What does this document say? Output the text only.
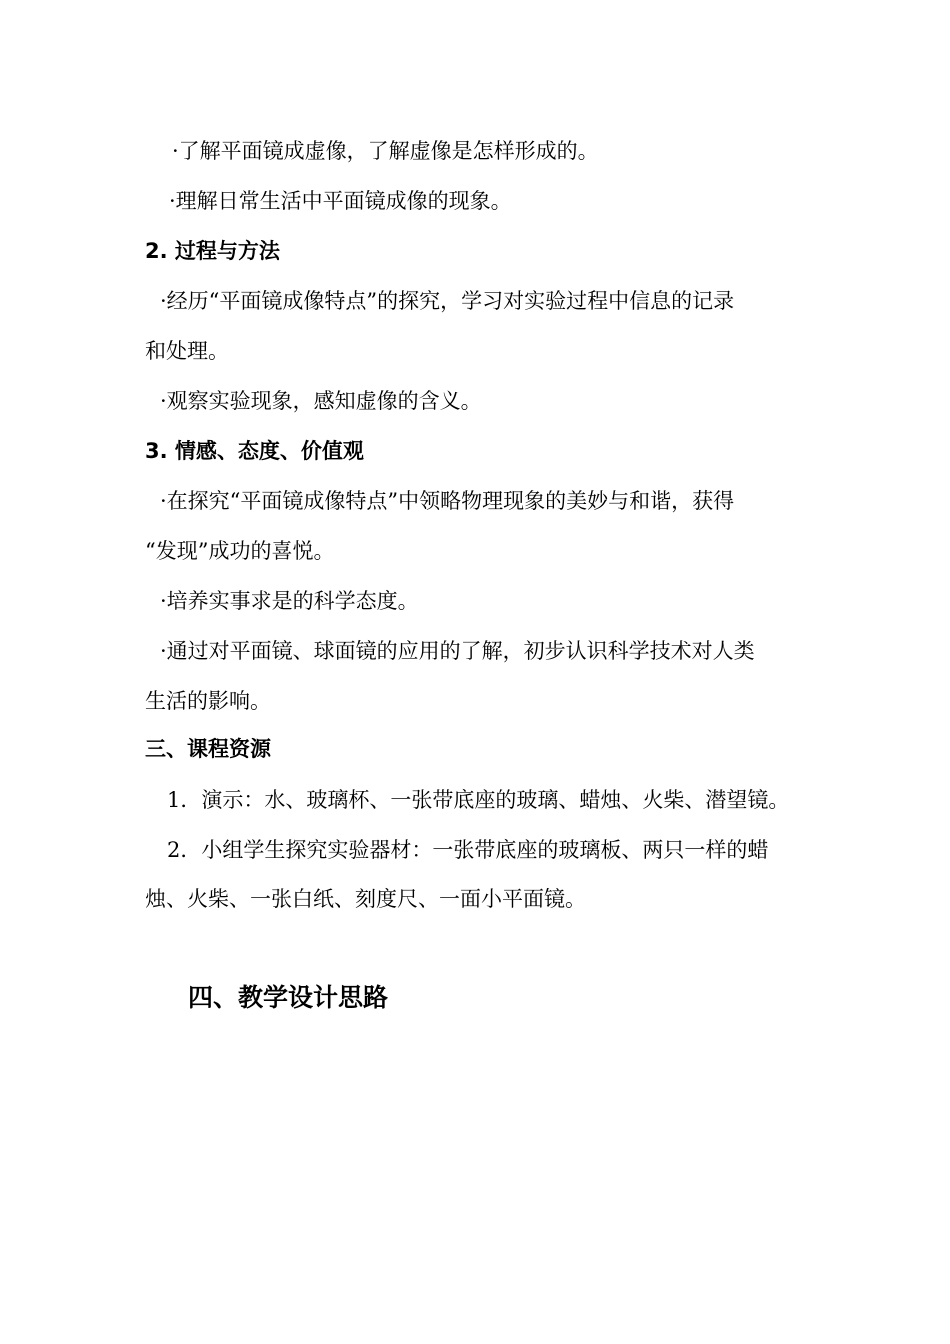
·了解平面镜成虚像，了解虚像是怎样形成的。
·理解日常生活中平面镜成像的现象。
2. 过程与方法
·经历“平面镜成像特点”的探究，学习对实验过程中信息的记录
和处理。
·观察实验现象，感知虚像的含义。
3. 情感、态度、价值观
·在探究“平面镜成像特点”中领略物理现象的美妙与和谐，获得
“发现”成功的喜悦。
·培养实事求是的科学态度。
·通过对平面镜、球面镜的应用的了解，初步认识科学技术对人类
生活的影响。
三、课程资源
1．演示：水、玻璃杯、一张带底座的玻璃、蜡烛、火柴、潜望镜。
2．小组学生探究实验器材：一张带底座的玻璃板、两只一样的蜡
烛、火柴、一张白纸、刻度尺、一面小平面镜。
四、教学设计思路
